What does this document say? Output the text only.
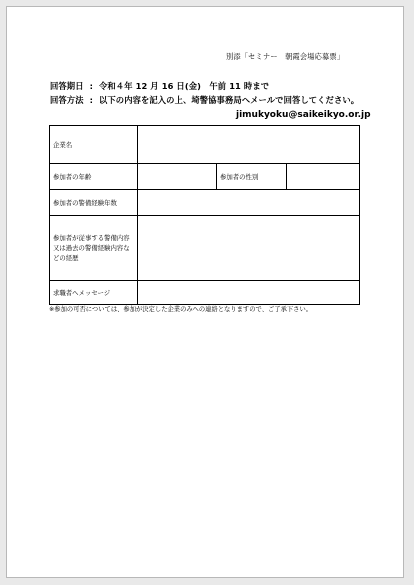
別添「セミナー　朝霞会場応募票」
回答期日  :  令和４年 12 月 16 日(金)　午前 11 時まで
回答方法  :  以下の内容を記入の上、埼警協事務局へメールで回答してください。
jimukyoku@saikeikyo.or.jp
企業名			
参加者の年齢		参加者の性別	
参加者の警備経験年数			
参加者が従事する警備内容又は過去の警備経験内容などの経歴			
求職者へメッセージ			
※参加の可否については、参加が決定した企業のみへの連絡となりますので、ご了承下さい。
